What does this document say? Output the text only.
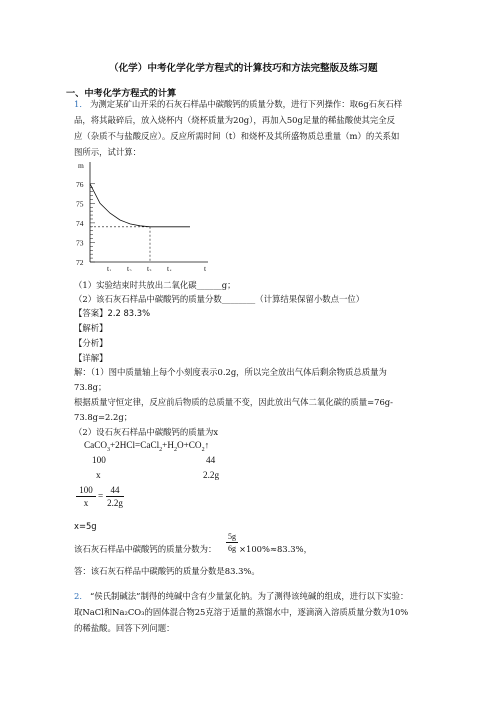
（化学）中考化学化学方程式的计算技巧和方法完整版及练习题
一、中考化学方程式的计算
1． 为测定某矿山开采的石灰石样品中碳酸钙的质量分数，进行下列操作：取6g石灰石样
品，将其敲碎后，放入烧杯内（烧杯质量为20g），再加入50g足量的稀盐酸使其完全反
应（杂质不与盐酸反应）。反应所需时间（t）和烧杯及其所盛物质总重量（m）的关系如
图所示，试计算：
m
t
76
75
74
73
72
t₁ t₂ t₃ t₄
（1）实验结束时共放出二氧化碳______g；
（2）该石灰石样品中碳酸钙的质量分数________（计算结果保留小数点一位）
【答案】2.2 83.3%
【解析】
【分析】
【详解】
解：（1）图中质量轴上每个小刻度表示0.2g，所以完全放出气体后剩余物质总质量为
73.8g；
根据质量守恒定律，反应前后物质的总质量不变，因此放出气体二氧化碳的质量=76g-
73.8g=2.2g；
（2）设石灰石样品中碳酸钙的质量为x
$CaCO_3+2HCl=CaCl_2+H_2O+CO_2↑$
100	44
x	2.2g
100
x
=
44
2.2g
x=5g
该石灰石样品中碳酸钙的质量分数为：
5g
6g ×100%≈83.3%，
答：该石灰石样品中碳酸钙的质量分数是83.3%。
2． “侯氏制碱法”制得的纯碱中含有少量氯化钠。为了测得该纯碱的组成，进行以下实验：
取NaCl和Na₂CO₃的固体混合物25克溶于适量的蒸馏水中，逐滴滴入溶质质量分数为10%
的稀盐酸。回答下列问题：
